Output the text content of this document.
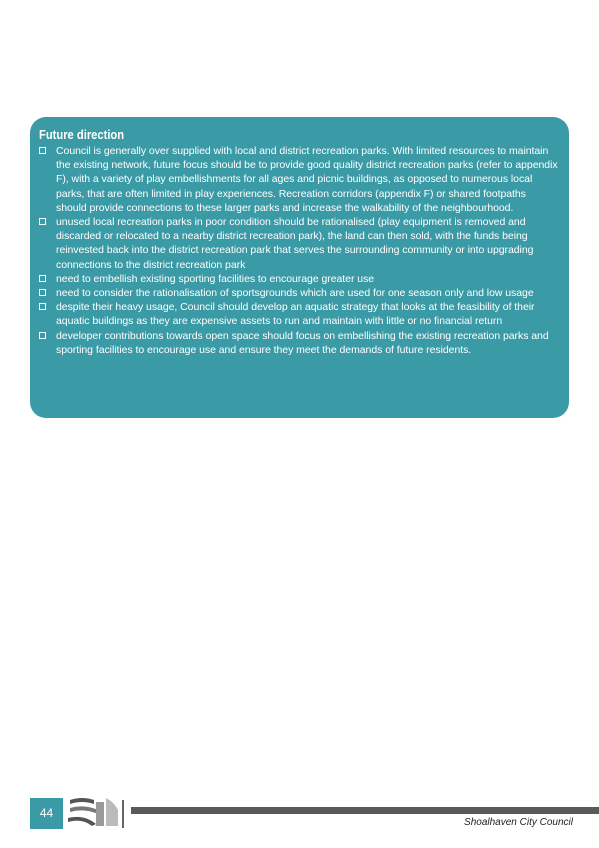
Future direction
Council is generally over supplied with local and district recreation parks. With limited resources to maintain the existing network, future focus should be to provide good quality district recreation parks (refer to appendix F), with a variety of play embellishments for all ages and picnic buildings, as opposed to numerous local parks, that are often limited in play experiences. Recreation corridors (appendix F) or shared footpaths should provide connections to these larger parks and increase the walkability of the neighbourhood.
unused local recreation parks in poor condition should be rationalised (play equipment is removed and discarded or relocated to a nearby district recreation park), the land can then sold, with the funds being reinvested back into the district recreation park that serves the surrounding community or into upgrading connections to the district recreation park
need to embellish existing sporting facilities to encourage greater use
need to consider the rationalisation of sportsgrounds which are used for one season only and low usage
despite their heavy usage, Council should develop an aquatic strategy that looks at the feasibility of their aquatic buildings as they are expensive assets to run and maintain with little or no financial return
developer contributions towards open space should focus on embellishing the existing recreation parks and sporting facilities to encourage use and ensure they meet the demands of future residents.
44
Shoalhaven City Council
